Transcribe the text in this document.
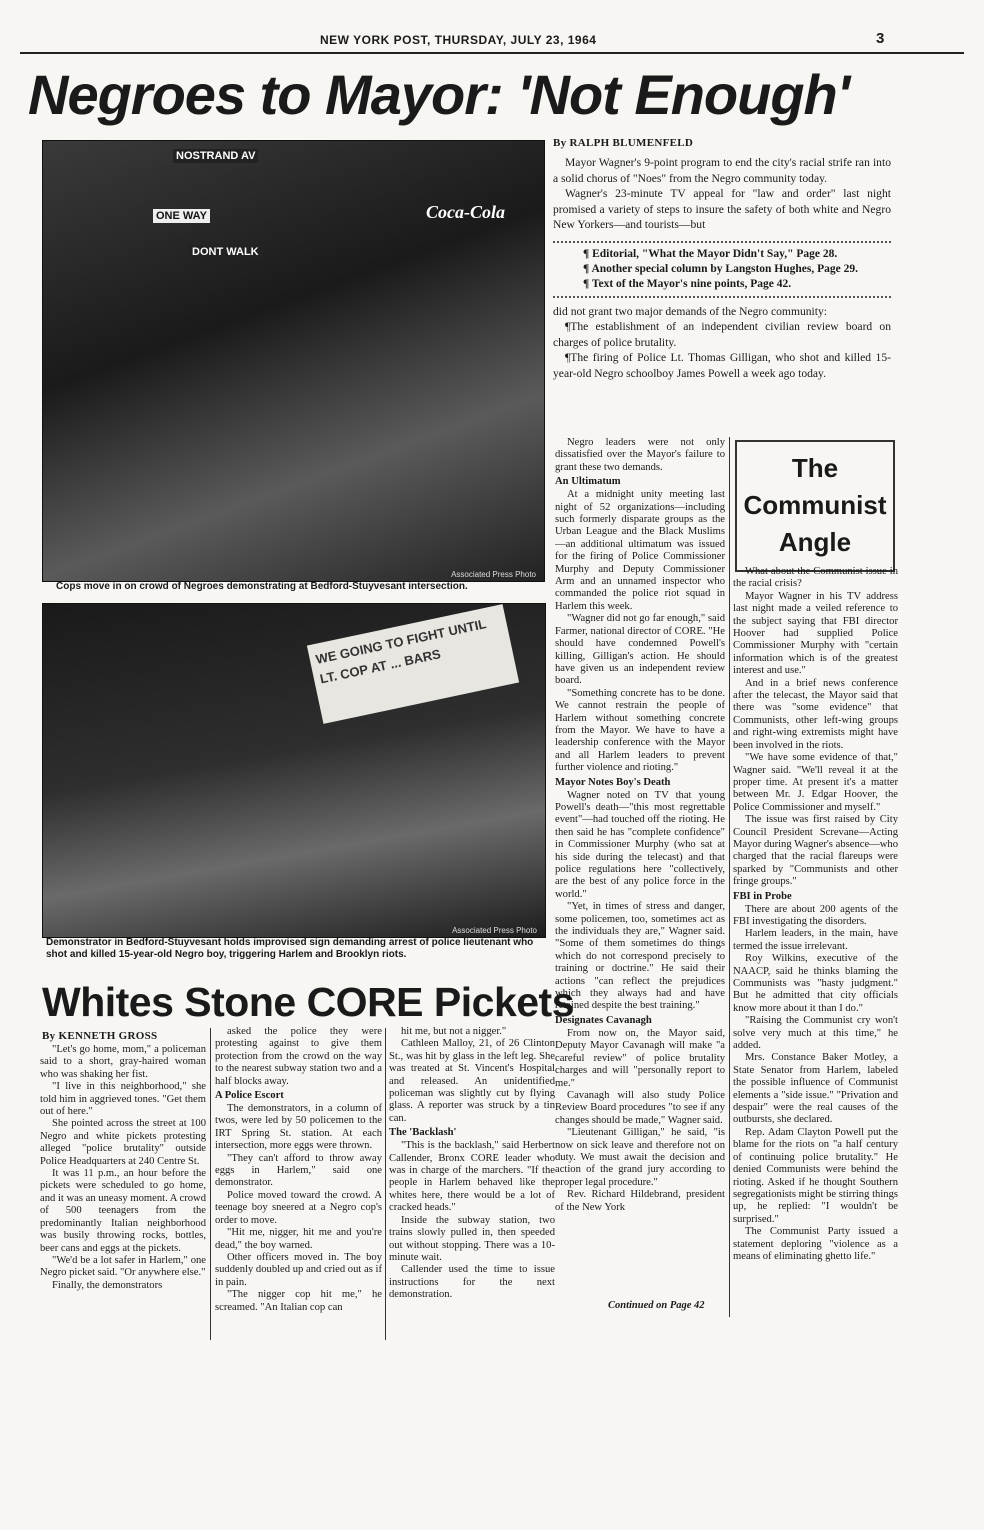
NEW YORK POST, THURSDAY, JULY 23, 1964	3
Negroes to Mayor: 'Not Enough'
NOSTRAND AV
ONE WAY
DONT WALK
Coca-Cola
Associated Press Photo
Cops move in on crowd of Negroes demonstrating at Bedford-Stuyvesant intersection.
WE GOING TO FIGHT UNTIL LT. COP AT ... BARS
Associated Press Photo
Demonstrator in Bedford-Stuyvesant holds improvised sign demanding arrest of police lieutenant who shot and killed 15-year-old Negro boy, triggering Harlem and Brooklyn riots.
By RALPH BLUMENFELD

Mayor Wagner's 9-point program to end the city's racial strife ran into a solid chorus of "Noes" from the Negro community today.

Wagner's 23-minute TV appeal for "law and order" last night promised a variety of steps to insure the safety of both white and Negro New Yorkers—and tourists—but

¶ Editorial, "What the Mayor Didn't Say," Page 28.
¶ Another special column by Langston Hughes, Page 29.
¶ Text of the Mayor's nine points, Page 42.

did not grant two major demands of the Negro community:

¶The establishment of an independent civilian review board on charges of police brutality.

¶The firing of Police Lt. Thomas Gilligan, who shot and killed 15-year-old Negro schoolboy James Powell a week ago today.

Negro leaders were not only dissatisfied over the Mayor's failure to grant these two demands.

An Ultimatum

At a midnight unity meeting last night of 52 organizations—including such formerly disparate groups as the Urban League and the Black Muslims—an additional ultimatum was issued for the firing of Police Commissioner Murphy and Deputy Commissioner Arm and an unnamed inspector who commanded the police riot squad in Harlem this week.

"Wagner did not go far enough," said Farmer, national director of CORE. "He should have condemned Powell's killing, Gilligan's action. He should have given us an independent review board.

"Something concrete has to be done. We cannot restrain the people of Harlem without something concrete from the Mayor. We have to have a leadership conference with the Mayor and all Harlem leaders to prevent further violence and rioting."

Mayor Notes Boy's Death

Wagner noted on TV that young Powell's death—"this most regrettable event"—had touched off the rioting. He then said he has "complete confidence" in Commissioner Murphy (who sat at his side during the telecast) and that police regulations here "collectively, are the best of any police force in the world."

"Yet, in times of stress and danger, some policemen, too, sometimes act as the individuals they are," Wagner said. "Some of them sometimes do things which do not correspond precisely to training or doctrine." He said their actions "can reflect the prejudices which they always had and have retained despite the best training."

Designates Cavanagh

From now on, the Mayor said, Deputy Mayor Cavanagh will make "a careful review" of police brutality charges and will "personally report to me."

Cavanagh will also study Police Review Board procedures "to see if any changes should be made," Wagner said.

"Lieutenant Gilligan," he said, "is now on sick leave and therefore not on duty. We must await the decision and action of the grand jury according to proper legal procedure."

Rev. Richard Hildebrand, president of the New York

Continued on Page 42
The
Communist
Angle

What about the Communist issue in the racial crisis?

Mayor Wagner in his TV address last night made a veiled reference to the subject saying that FBI director Hoover had supplied Police Commissioner Murphy with "certain information which is of the greatest interest and use."

And in a brief news conference after the telecast, the Mayor said that there was "some evidence" that Communists, other left-wing groups and right-wing extremists might have been involved in the riots.

"We have some evidence of that," Wagner said. "We'll reveal it at the proper time. At present it's a matter between Mr. J. Edgar Hoover, the Police Commissioner and myself."

The issue was first raised by City Council President Screvane—Acting Mayor during Wagner's absence—who charged that the racial flareups were sparked by "Communists and other fringe groups."

FBI in Probe

There are about 200 agents of the FBI investigating the disorders.

Harlem leaders, in the main, have termed the issue irrelevant.

Roy Wilkins, executive of the NAACP, said he thinks blaming the Communists was "hasty judgment." But he admitted that city officials know more about it than I do."

"Raising the Communist cry won't solve very much at this time," he added.

Mrs. Constance Baker Motley, a State Senator from Harlem, labeled the possible influence of Communist elements a "side issue." "Privation and despair" were the real causes of the outbursts, she declared.

Rep. Adam Clayton Powell put the blame for the riots on "a half century of continuing police brutality." He denied Communists were behind the rioting. Asked if he thought Southern segregationists might be stirring things up, he replied: "I wouldn't be surprised."

The Communist Party issued a statement deploring "violence as a means of eliminating ghetto life."

Whites Stone CORE Pickets
By KENNETH GROSS

"Let's go home, mom," a policeman said to a short, gray-haired woman who was shaking her fist.

"I live in this neighborhood," she told him in aggrieved tones. "Get them out of here."

She pointed across the street at 100 Negro and white pickets protesting alleged "police brutality" outside Police Headquarters at 240 Centre St.

It was 11 p.m., an hour before the pickets were scheduled to go home, and it was an uneasy moment. A crowd of 500 teenagers from the predominantly Italian neighborhood was busily throwing rocks, bottles, beer cans and eggs at the pickets.

"We'd be a lot safer in Harlem," one Negro picket said. "Or anywhere else."

Finally, the demonstrators

asked the police they were protesting against to give them protection from the crowd on the way to the nearest subway station two and a half blocks away.

A Police Escort

The demonstrators, in a column of twos, were led by 50 policemen to the IRT Spring St. station. At each intersection, more eggs were thrown.

"They can't afford to throw away eggs in Harlem," said one demonstrator.

Police moved toward the crowd. A teenage boy sneered at a Negro cop's order to move.

"Hit me, nigger, hit me and you're dead," the boy warned.

Other officers moved in. The boy suddenly doubled up and cried out as if in pain.

"The nigger cop hit me," he screamed. "An Italian cop can

hit me, but not a nigger."

Cathleen Malloy, 21, of 26 Clinton St., was hit by glass in the left leg. She was treated at St. Vincent's Hospital and released. An unidentified policeman was slightly cut by flying glass. A reporter was struck by a tin can.

The 'Backlash'

"This is the backlash," said Herbert Callender, Bronx CORE leader who was in charge of the marchers. "If the people in Harlem behaved like the whites here, there would be a lot of cracked heads."

Inside the subway station, two trains slowly pulled in, then speeded out without stopping. There was a 10-minute wait.

Callender used the time to issue instructions for the next demonstration.
